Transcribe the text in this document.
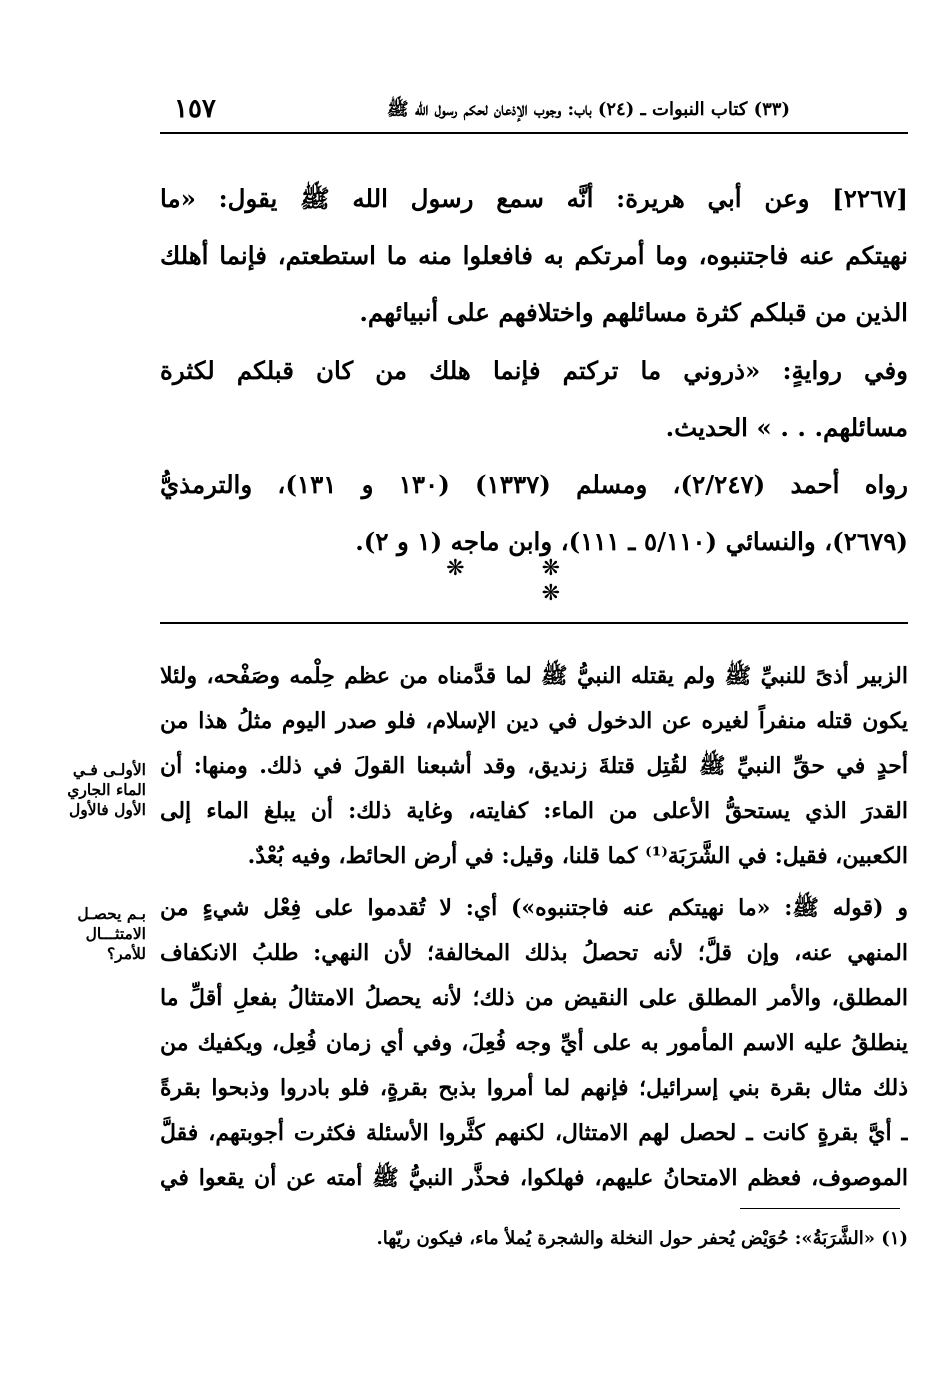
(٣٣) كتاب النبوات ـ (٢٤) باب: وجوب الإذعان لحكم رسول الله ﷺ
١٥٧

[٢٢٦٧] وعن أبي هريرة: أنَّه سمع رسول الله ﷺ يقول: «ما
نهيتكم عنه فاجتنبوه، وما أمرتكم به فافعلوا منه ما استطعتم، فإنما أهلك
الذين من قبلكم كثرة مسائلهم واختلافهم على أنبيائهم.

وفي روايةٍ: «ذروني ما تركتم فإنما هلك من كان قبلكم لكثرة
مسائلهم. . . » الحديث.

رواه أحمد (٢/٢٤٧)، ومسلم (١٣٣٧) (١٣٠ و ١٣١)، والترمذيُّ
(٢٦٧٩)، والنسائي (٥/١١٠ ـ ١١١)، وابن ماجه (١ و ٢).

❋ ❋ ❋

الزبير أذىً للنبيِّ ﷺ ولم يقتله النبيُّ ﷺ لما قدَّمناه من عظم حِلْمه وصَفْحه، ولئلا
يكون قتله منفراً لغيره عن الدخول في دين الإسلام، فلو صدر اليوم مثلُ هذا من
أحدٍ في حقِّ النبيِّ ﷺ لقُتِل قتلةَ زنديق، وقد أشبعنا القولَ في ذلك. ومنها: أن
القدرَ الذي يستحقُّ الأعلى من الماء: كفايته، وغاية ذلك: أن يبلغ الماء إلى
الكعبين، فقيل: في الشَّرَبَة⁽¹⁾ كما قلنا، وقيل: في أرض الحائط، وفيه بُعْدٌ.

و (قوله ﷺ: «ما نهيتكم عنه فاجتنبوه») أي: لا تُقدموا على فِعْل شيءٍ من
المنهي عنه، وإن قلَّ؛ لأنه تحصلُ بذلك المخالفة؛ لأن النهي: طلبُ الانكفاف
المطلق، والأمر المطلق على النقيض من ذلك؛ لأنه يحصلُ الامتثالُ بفعلِ أقلِّ ما
ينطلقُ عليه الاسم المأمور به على أيِّ وجه فُعِلَ، وفي أي زمان فُعِل، ويكفيك من
ذلك مثال بقرة بني إسرائيل؛ فإنهم لما أمروا بذبح بقرةٍ، فلو بادروا وذبحوا بقرةً
ـ أيَّ بقرةٍ كانت ـ لحصل لهم الامتثال، لكنهم كثَّروا الأسئلة فكثرت أجوبتهم، فقلَّ
الموصوف، فعظم الامتحانُ عليهم، فهلكوا، فحذَّر النبيُّ ﷺ أمته عن أن يقعوا في

الأولـى فـي
الماء الجاري
الأول فالأول
بـم يحصـل
الامتثـــال
للأمر؟
(١) «الشَّرَبَةُ»: حُوَيْض يُحفر حول النخلة والشجرة يُملأ ماء، فيكون ريّها.
